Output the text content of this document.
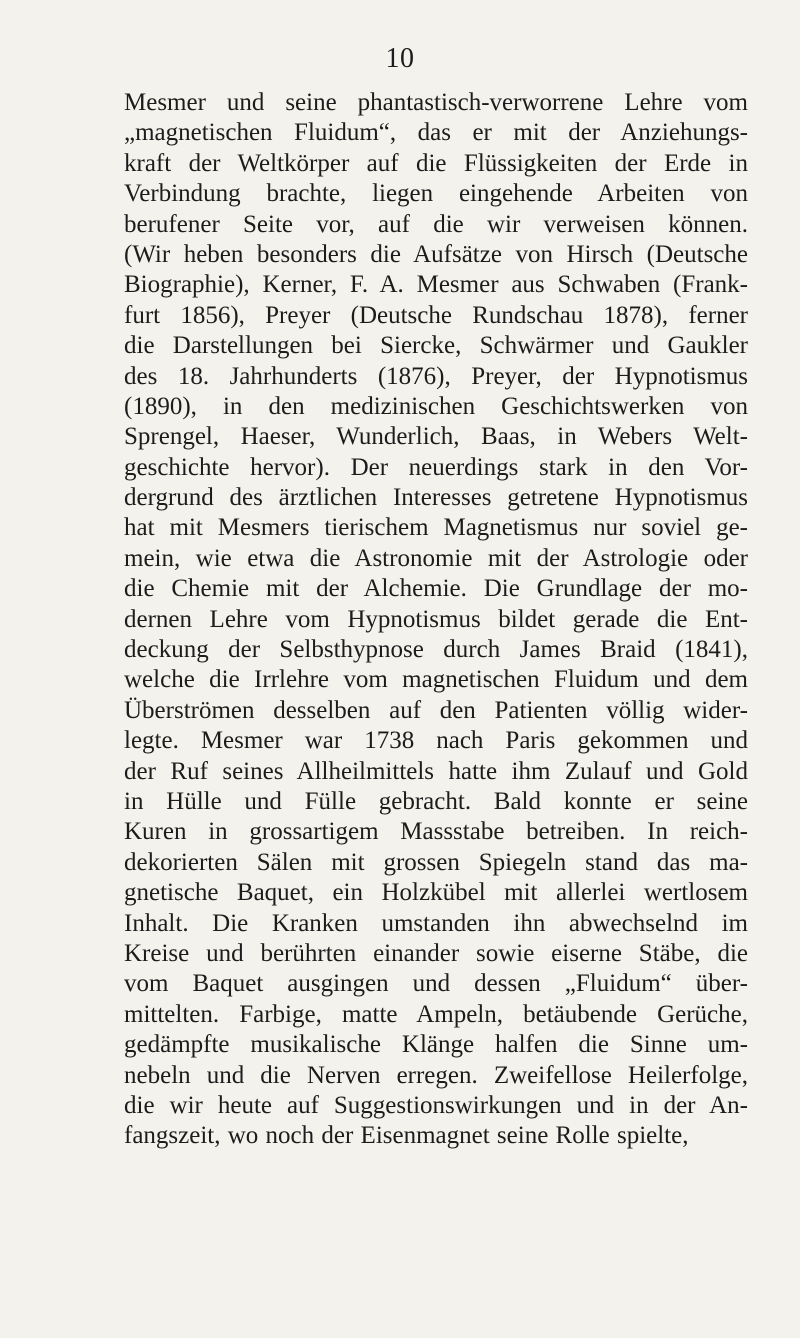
10
Mesmer und seine phantastisch-verworrene Lehre vom
„magnetischen Fluidum“, das er mit der Anziehungs-
kraft der Weltkörper auf die Flüssigkeiten der Erde in
Verbindung brachte, liegen eingehende Arbeiten von
berufener Seite vor, auf die wir verweisen können.
(Wir heben besonders die Aufsätze von Hirsch (Deutsche
Biographie), Kerner, F. A. Mesmer aus Schwaben (Frank-
furt 1856), Preyer (Deutsche Rundschau 1878), ferner
die Darstellungen bei Siercke, Schwärmer und Gaukler
des 18. Jahrhunderts (1876), Preyer, der Hypnotismus
(1890), in den medizinischen Geschichtswerken von
Sprengel, Haeser, Wunderlich, Baas, in Webers Welt-
geschichte hervor). Der neuerdings stark in den Vor-
dergrund des ärztlichen Interesses getretene Hypnotismus
hat mit Mesmers tierischem Magnetismus nur soviel ge-
mein, wie etwa die Astronomie mit der Astrologie oder
die Chemie mit der Alchemie. Die Grundlage der mo-
dernen Lehre vom Hypnotismus bildet gerade die Ent-
deckung der Selbsthypnose durch James Braid (1841),
welche die Irrlehre vom magnetischen Fluidum und dem
Überströmen desselben auf den Patienten völlig wider-
legte. Mesmer war 1738 nach Paris gekommen und
der Ruf seines Allheilmittels hatte ihm Zulauf und Gold
in Hülle und Fülle gebracht. Bald konnte er seine
Kuren in grossartigem Massstabe betreiben. In reich-
dekorierten Sälen mit grossen Spiegeln stand das ma-
gnetische Baquet, ein Holzkübel mit allerlei wertlosem
Inhalt. Die Kranken umstanden ihn abwechselnd im
Kreise und berührten einander sowie eiserne Stäbe, die
vom Baquet ausgingen und dessen „Fluidum“ über-
mittelten. Farbige, matte Ampeln, betäubende Gerüche,
gedämpfte musikalische Klänge halfen die Sinne um-
nebeln und die Nerven erregen. Zweifellose Heilerfolge,
die wir heute auf Suggestionswirkungen und in der An-
fangszeit, wo noch der Eisenmagnet seine Rolle spielte,
